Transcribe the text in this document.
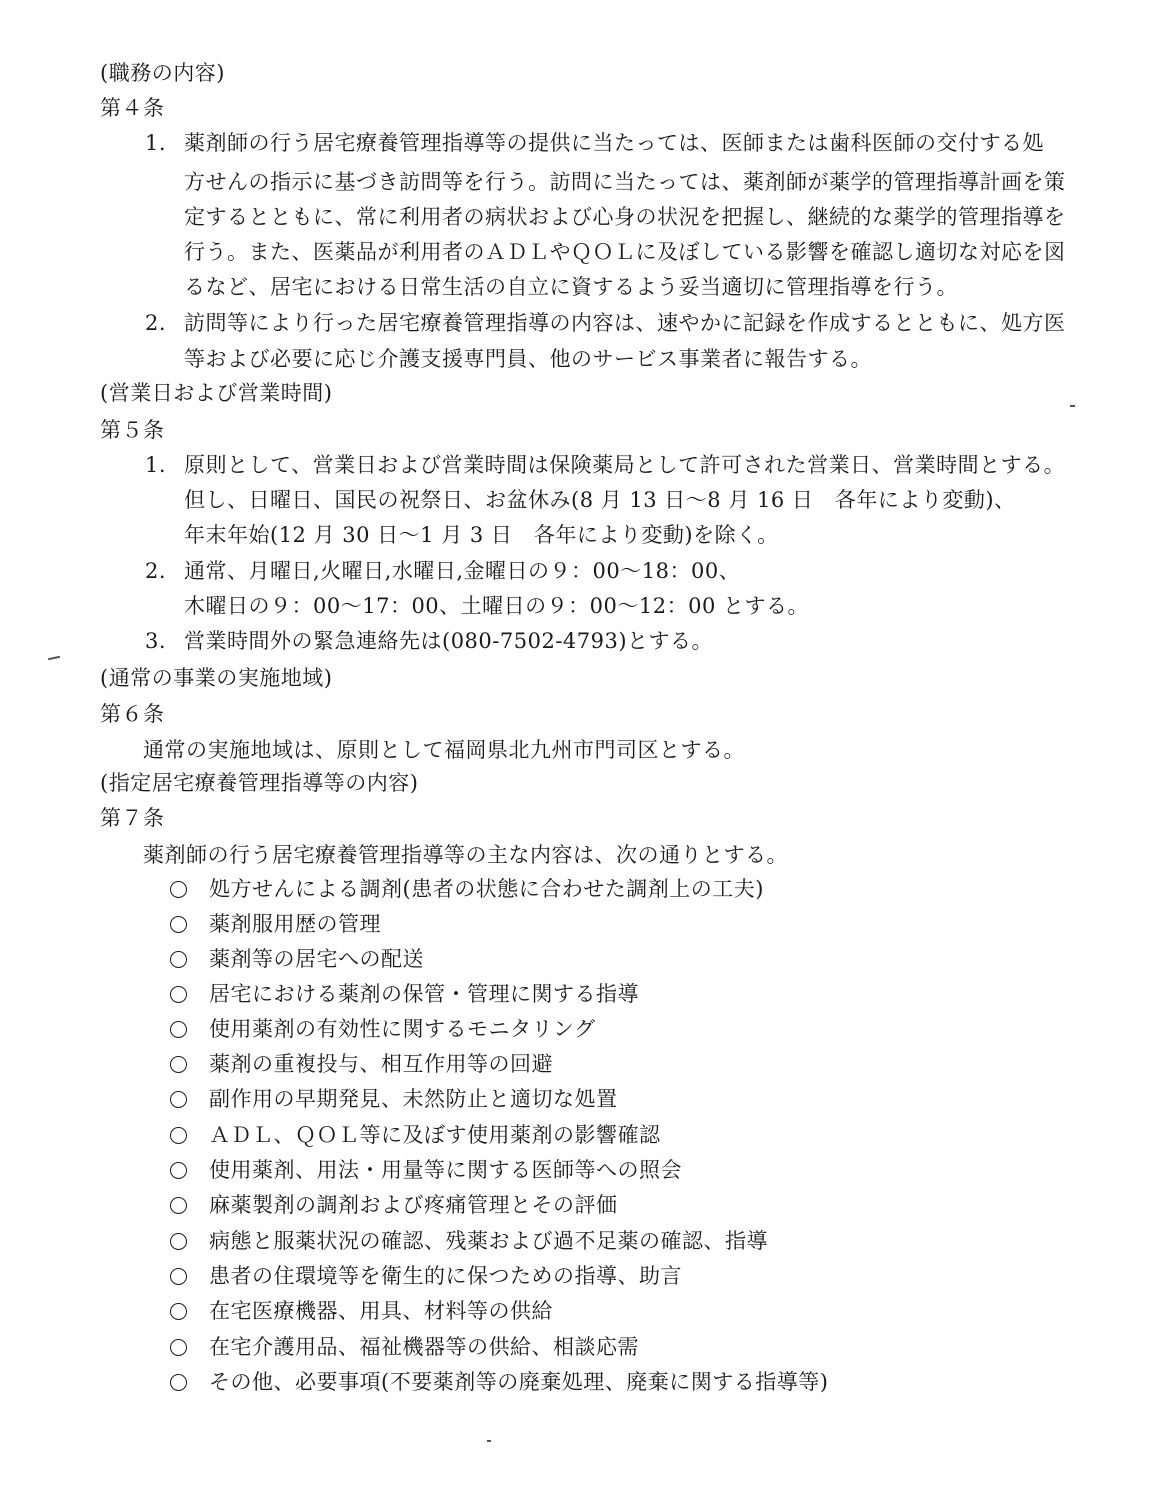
(職務の内容)
第４条
1. 薬剤師の行う居宅療養管理指導等の提供に当たっては、医師または歯科医師の交付する処
方せんの指示に基づき訪問等を行う。訪問に当たっては、薬剤師が薬学的管理指導計画を策
定するとともに、常に利用者の病状および心身の状況を把握し、継続的な薬学的管理指導を
行う。また、医薬品が利用者のＡＤＬやＱＯＬに及ぼしている影響を確認し適切な対応を図
るなど、居宅における日常生活の自立に資するよう妥当適切に管理指導を行う。
2. 訪問等により行った居宅療養管理指導の内容は、速やかに記録を作成するとともに、処方医
等および必要に応じ介護支援専門員、他のサービス事業者に報告する。
(営業日および営業時間)
第５条
1. 原則として、営業日および営業時間は保険薬局として許可された営業日、営業時間とする。
但し、日曜日、国民の祝祭日、お盆休み(8 月 13 日～8 月 16 日　各年により変動)、
年末年始(12 月 30 日～1 月 3 日　各年により変動)を除く。
2. 通常、月曜日,火曜日,水曜日,金曜日の９：00～18：00、
木曜日の９：00～17：00、土曜日の９：00～12：00 とする。
3. 営業時間外の緊急連絡先は(080-7502-4793)とする。
(通常の事業の実施地域)
第６条
通常の実施地域は、原則として福岡県北九州市門司区とする。
(指定居宅療養管理指導等の内容)
第７条
薬剤師の行う居宅療養管理指導等の主な内容は、次の通りとする。
処方せんによる調剤(患者の状態に合わせた調剤上の工夫)
薬剤服用歴の管理
薬剤等の居宅への配送
居宅における薬剤の保管・管理に関する指導
使用薬剤の有効性に関するモニタリング
薬剤の重複投与、相互作用等の回避
副作用の早期発見、未然防止と適切な処置
ＡＤＬ、ＱＯＬ等に及ぼす使用薬剤の影響確認
使用薬剤、用法・用量等に関する医師等への照会
麻薬製剤の調剤および疼痛管理とその評価
病態と服薬状況の確認、残薬および過不足薬の確認、指導
患者の住環境等を衛生的に保つための指導、助言
在宅医療機器、用具、材料等の供給
在宅介護用品、福祉機器等の供給、相談応需
その他、必要事項(不要薬剤等の廃棄処理、廃棄に関する指導等)
